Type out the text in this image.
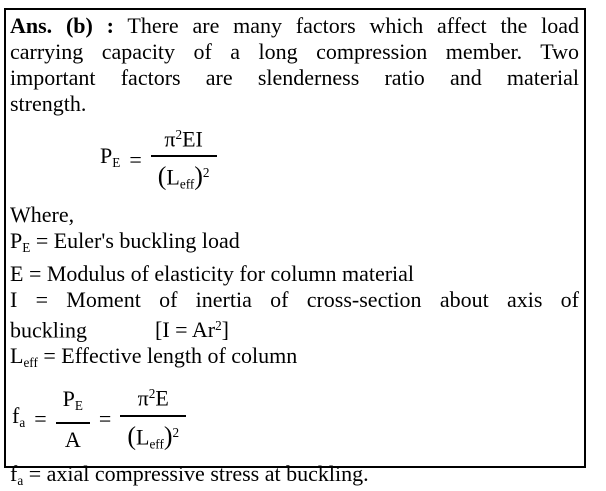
Ans. (b) : There are many factors which affect the load
carrying capacity of a long compression member. Two
important factors are slenderness ratio and material
strength.
$P_E = \frac{\pi^2EI}{(L_{eff})^2}$
Where,
$P_E$ = Euler's buckling load
E = Modulus of elasticity for column material
I = Moment of inertia of cross-section about axis of
buckling	$[I = Ar^2]$
$L_{eff}$ = Effective length of column
$f_a = \frac{P_E}{A} = \frac{\pi^2E}{(L_{eff})^2}$
$f_a$ = axial compressive stress at buckling.
